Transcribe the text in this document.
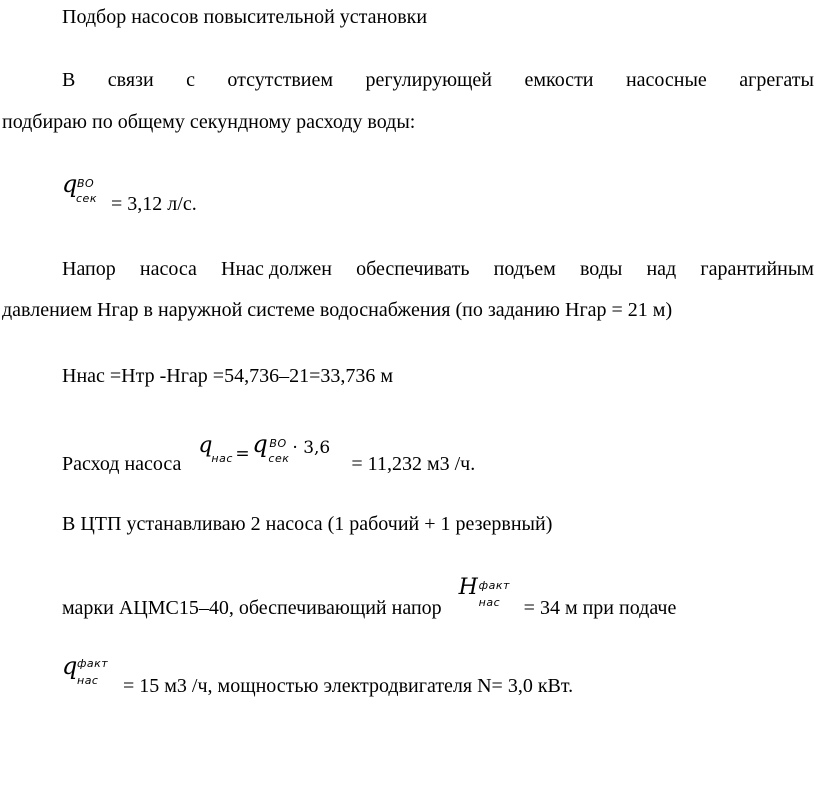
Подбор насосов повысительной установки
В связи с отсутствием регулирующей емкости насосные агрегаты
подбираю по общему секундному расходу воды:
q ВО
сек = 3,12 л/с.
Напор насоса Ннас должен обеспечивать подъем воды над гарантийным
давлением Нгар в наружной системе водоснабжения (по заданию Нгар = 21 м)
Ннас =Нтр -Нгар =54,736–21=33,736 м
Расход насоса
q
нас = q ВО
сек
· 3,6
= 11,232 м3 /ч.
В ЦТП устанавливаю 2 насоса (1 рабочий + 1 резервный)
марки АЦМС15–40, обеспечивающий напор
H факт
нас = 34 м при подаче
q факт
нас = 15 м3 /ч, мощностью электродвигателя N= 3,0 кВт.
